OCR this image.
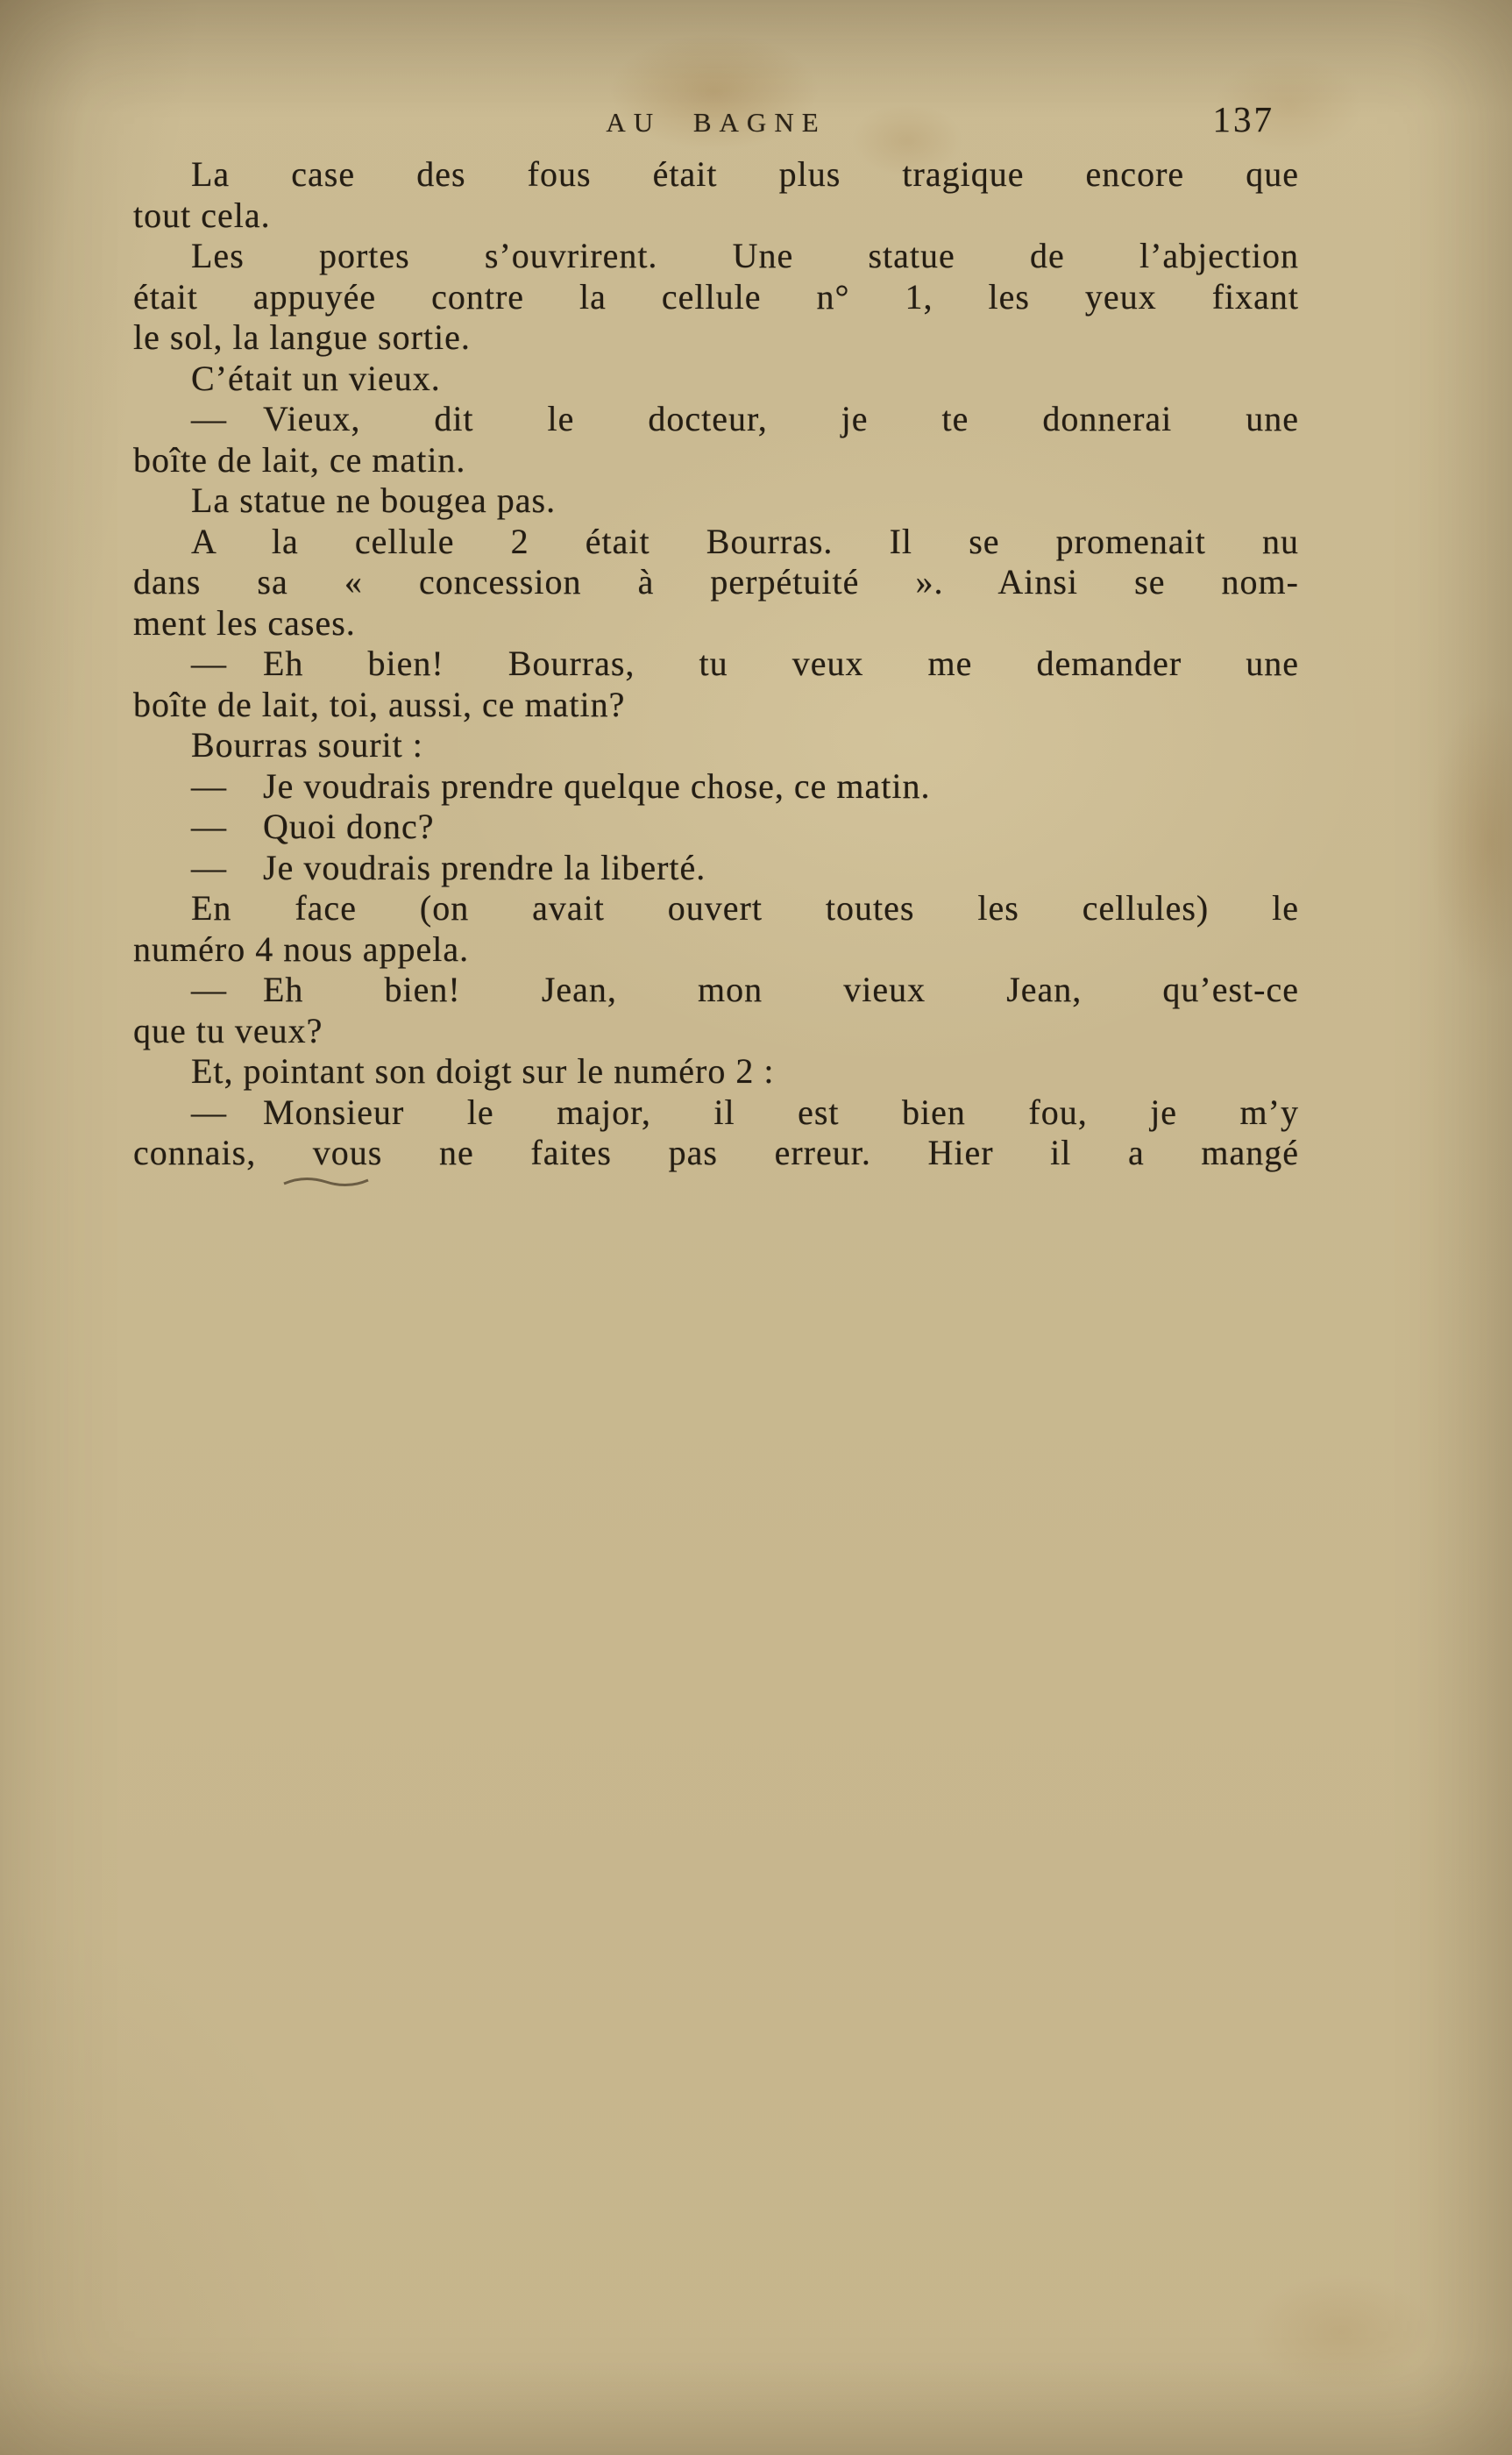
AU BAGNE	137
La case des fous était plus tragique encore que
tout cela.
Les portes s’ouvrirent. Une statue de l’abjection
était appuyée contre la cellule n° 1, les yeux fixant
le sol, la langue sortie.
C’était un vieux.
— Vieux, dit le docteur, je te donnerai une
boîte de lait, ce matin.
La statue ne bougea pas.
A la cellule 2 était Bourras. Il se promenait nu
dans sa « concession à perpétuité ». Ainsi se nom-
ment les cases.
— Eh bien! Bourras, tu veux me demander une
boîte de lait, toi, aussi, ce matin?
Bourras sourit :
— Je voudrais prendre quelque chose, ce matin.
— Quoi donc?
— Je voudrais prendre la liberté.
En face (on avait ouvert toutes les cellules) le
numéro 4 nous appela.
— Eh bien! Jean, mon vieux Jean, qu’est-ce
que tu veux?
Et, pointant son doigt sur le numéro 2 :
— Monsieur le major, il est bien fou, je m’y
connais, vous ne faites pas erreur. Hier il a mangé
